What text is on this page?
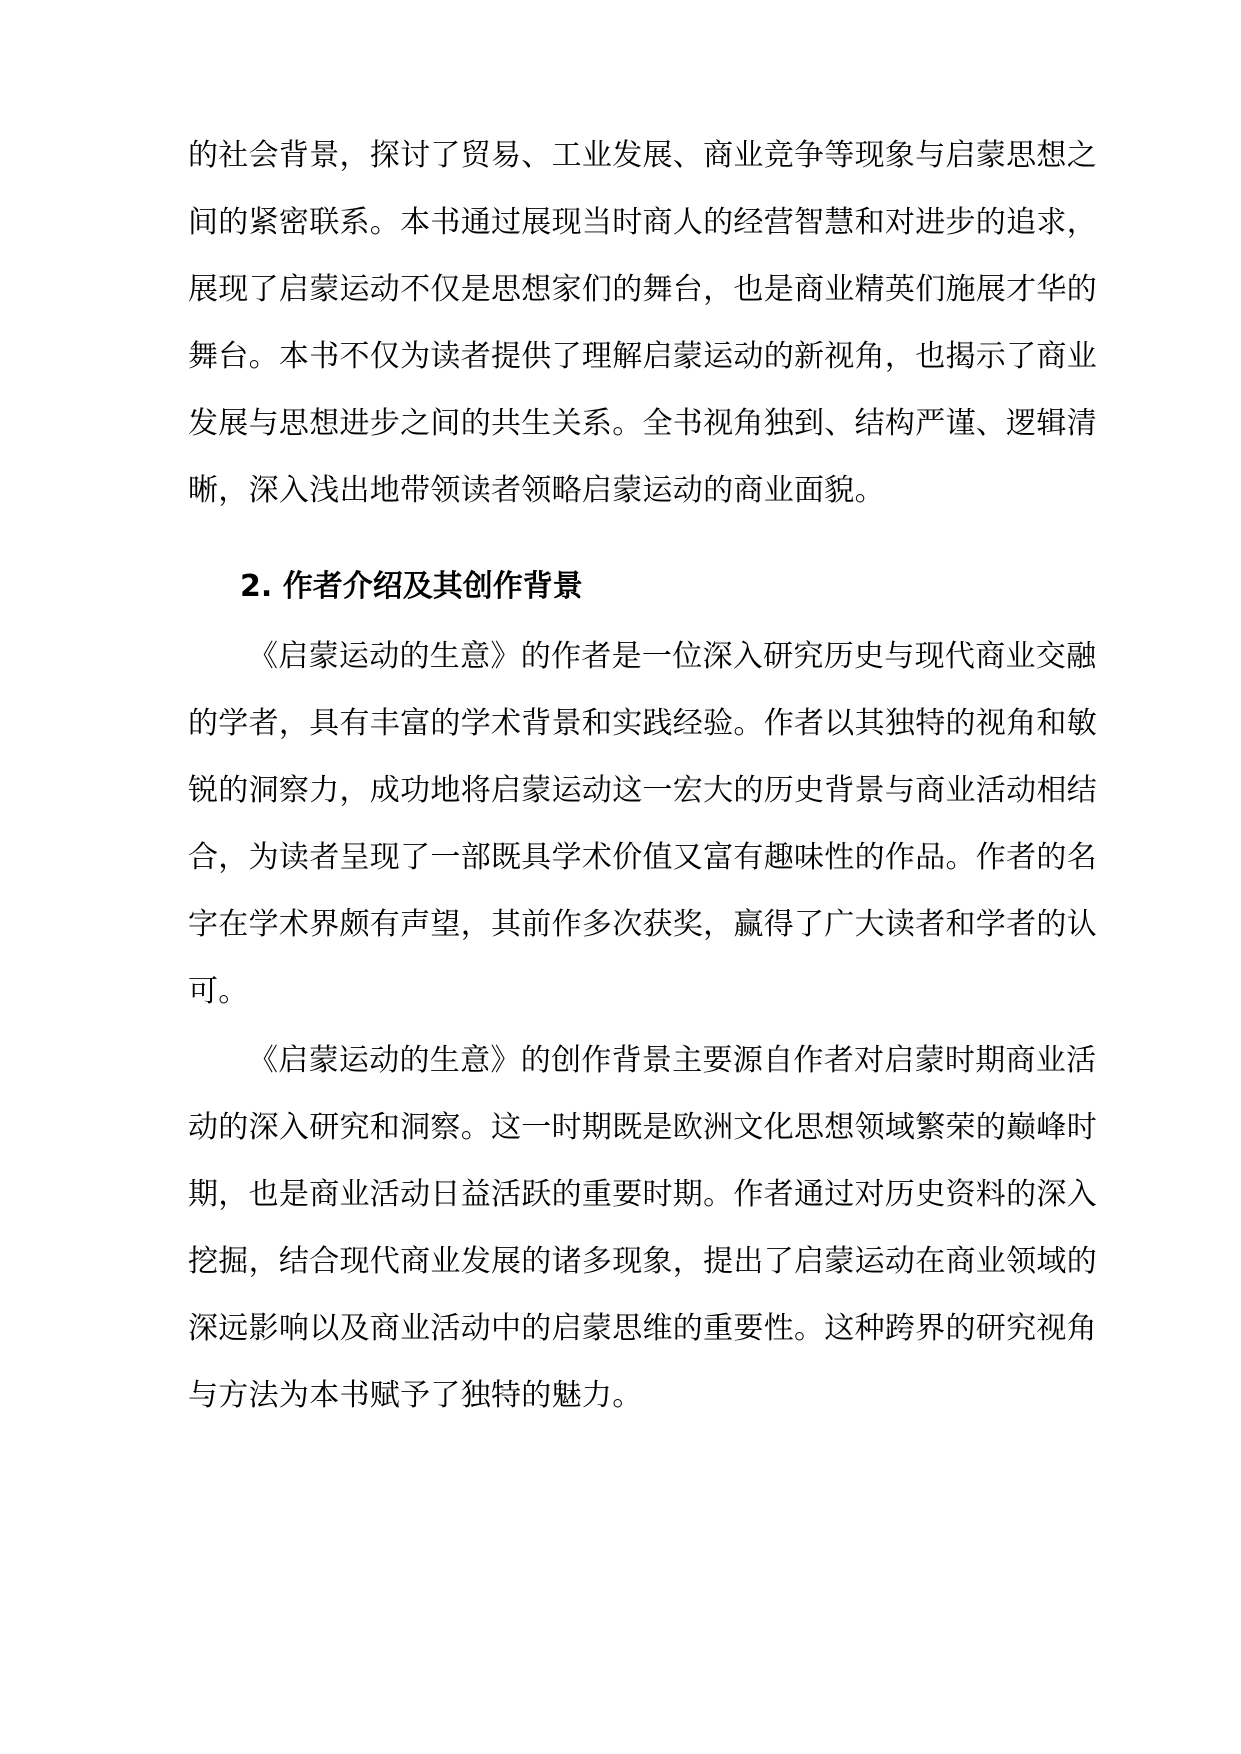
的社会背景，探讨了贸易、工业发展、商业竞争等现象与启蒙思想之
间的紧密联系。本书通过展现当时商人的经营智慧和对进步的追求，
展现了启蒙运动不仅是思想家们的舞台，也是商业精英们施展才华的
舞台。本书不仅为读者提供了理解启蒙运动的新视角，也揭示了商业
发展与思想进步之间的共生关系。全书视角独到、结构严谨、逻辑清
晰，深入浅出地带领读者领略启蒙运动的商业面貌。
2. 作者介绍及其创作背景
《启蒙运动的生意》的作者是一位深入研究历史与现代商业交融
的学者，具有丰富的学术背景和实践经验。作者以其独特的视角和敏
锐的洞察力，成功地将启蒙运动这一宏大的历史背景与商业活动相结
合，为读者呈现了一部既具学术价值又富有趣味性的作品。作者的名
字在学术界颇有声望，其前作多次获奖，赢得了广大读者和学者的认
可。
《启蒙运动的生意》的创作背景主要源自作者对启蒙时期商业活
动的深入研究和洞察。这一时期既是欧洲文化思想领域繁荣的巅峰时
期，也是商业活动日益活跃的重要时期。作者通过对历史资料的深入
挖掘，结合现代商业发展的诸多现象，提出了启蒙运动在商业领域的
深远影响以及商业活动中的启蒙思维的重要性。这种跨界的研究视角
与方法为本书赋予了独特的魅力。
